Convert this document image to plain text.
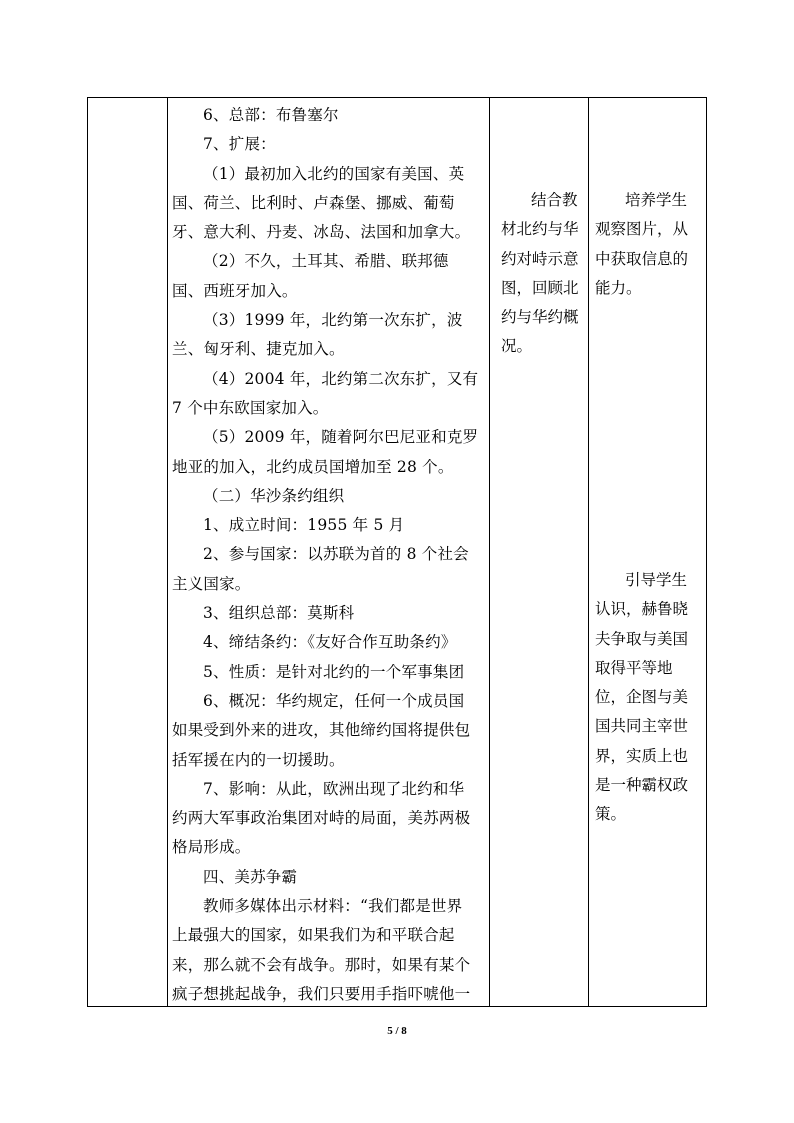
6、总部：布鲁塞尔

7、扩展：

（1）最初加入北约的国家有美国、英

国、荷兰、比利时、卢森堡、挪威、葡萄

牙、意大利、丹麦、冰岛、法国和加拿大。

（2）不久，土耳其、希腊、联邦德

国、西班牙加入。

（3）1999 年，北约第一次东扩，波

兰、匈牙利、捷克加入。

（4）2004 年，北约第二次东扩，又有

7 个中东欧国家加入。

（5）2009 年，随着阿尔巴尼亚和克罗

地亚的加入，北约成员国增加至 28 个。

（二）华沙条约组织

1、成立时间：1955 年 5 月

2、参与国家：以苏联为首的 8 个社会

主义国家。

3、组织总部：莫斯科

4、缔结条约：《友好合作互助条约》

5、性质：是针对北约的一个军事集团

6、概况：华约规定，任何一个成员国

如果受到外来的进攻，其他缔约国将提供包

括军援在内的一切援助。

7、影响：从此，欧洲出现了北约和华

约两大军事政治集团对峙的局面，美苏两极

格局形成。

四、美苏争霸

教师多媒体出示材料：“我们都是世界

上最强大的国家，如果我们为和平联合起

来，那么就不会有战争。那时，如果有某个

疯子想挑起战争，我们只要用手指吓唬他一

结合教

材北约与华

约对峙示意

图，回顾北

约与华约概

况。

培养学生

观察图片，从

中获取信息的

能力。

引导学生

认识，赫鲁晓

夫争取与美国

取得平等地

位，企图与美

国共同主宰世

界，实质上也

是一种霸权政

策。

5 / 8
